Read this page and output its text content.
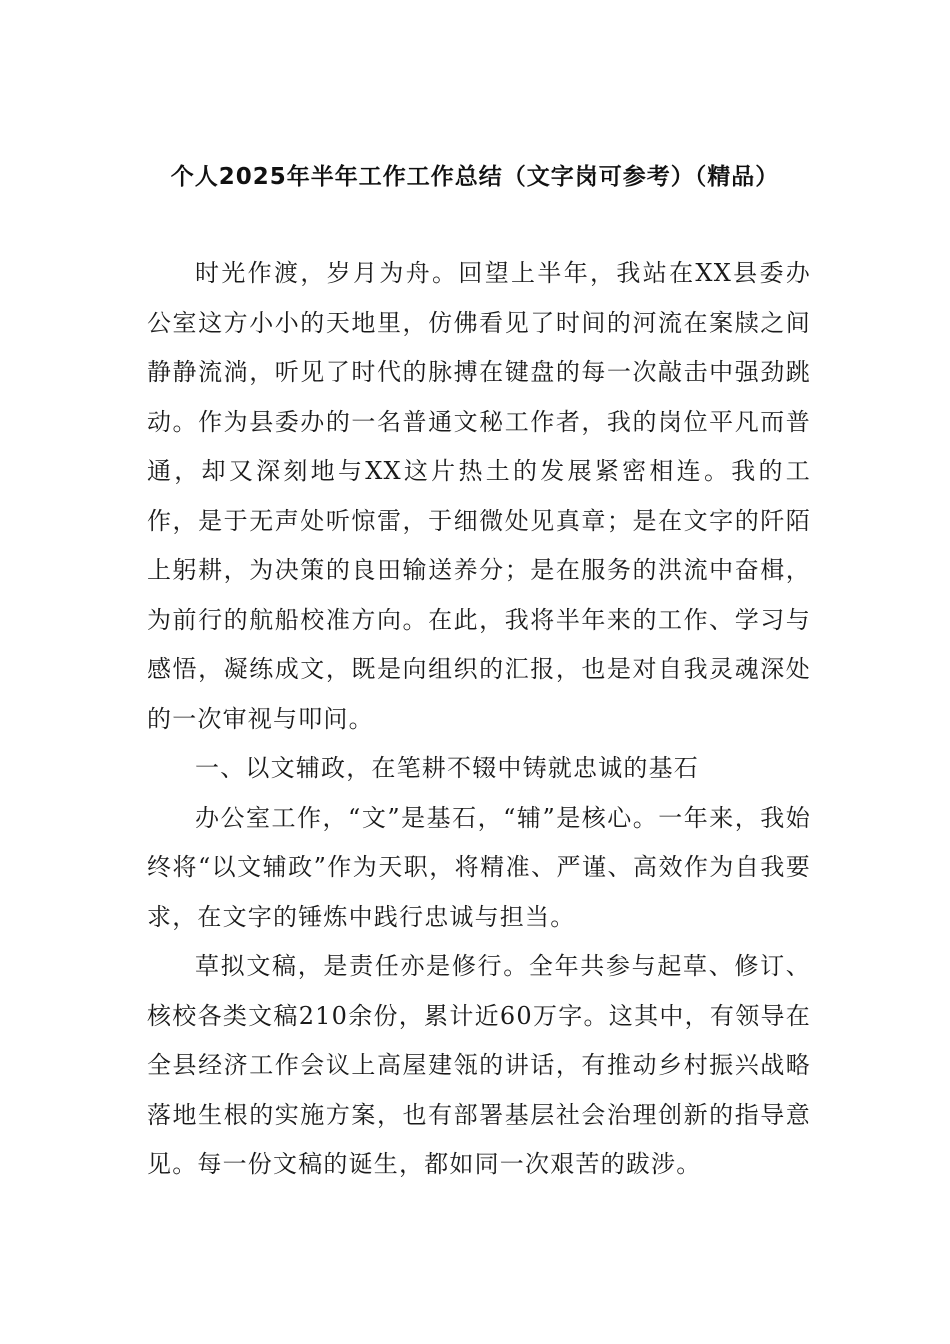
个人2025年半年工作工作总结（文字岗可参考）（精品）

时光作渡，岁月为舟。回望上半年，我站在XX县委办公室这方小小的天地里，仿佛看见了时间的河流在案牍之间静静流淌，听见了时代的脉搏在键盘的每一次敲击中强劲跳动。作为县委办的一名普通文秘工作者，我的岗位平凡而普通，却又深刻地与XX这片热土的发展紧密相连。我的工作，是于无声处听惊雷，于细微处见真章；是在文字的阡陌上躬耕，为决策的良田输送养分；是在服务的洪流中奋楫，为前行的航船校准方向。在此，我将半年来的工作、学习与感悟，凝练成文，既是向组织的汇报，也是对自我灵魂深处的一次审视与叩问。

一、以文辅政，在笔耕不辍中铸就忠诚的基石

办公室工作，“文”是基石，“辅”是核心。一年来，我始终将“以文辅政”作为天职，将精准、严谨、高效作为自我要求，在文字的锤炼中践行忠诚与担当。

草拟文稿，是责任亦是修行。全年共参与起草、修订、核校各类文稿210余份，累计近60万字。这其中，有领导在全县经济工作会议上高屋建瓴的讲话，有推动乡村振兴战略落地生根的实施方案，也有部署基层社会治理创新的指导意见。每一份文稿的诞生，都如同一次艰苦的跋涉。
